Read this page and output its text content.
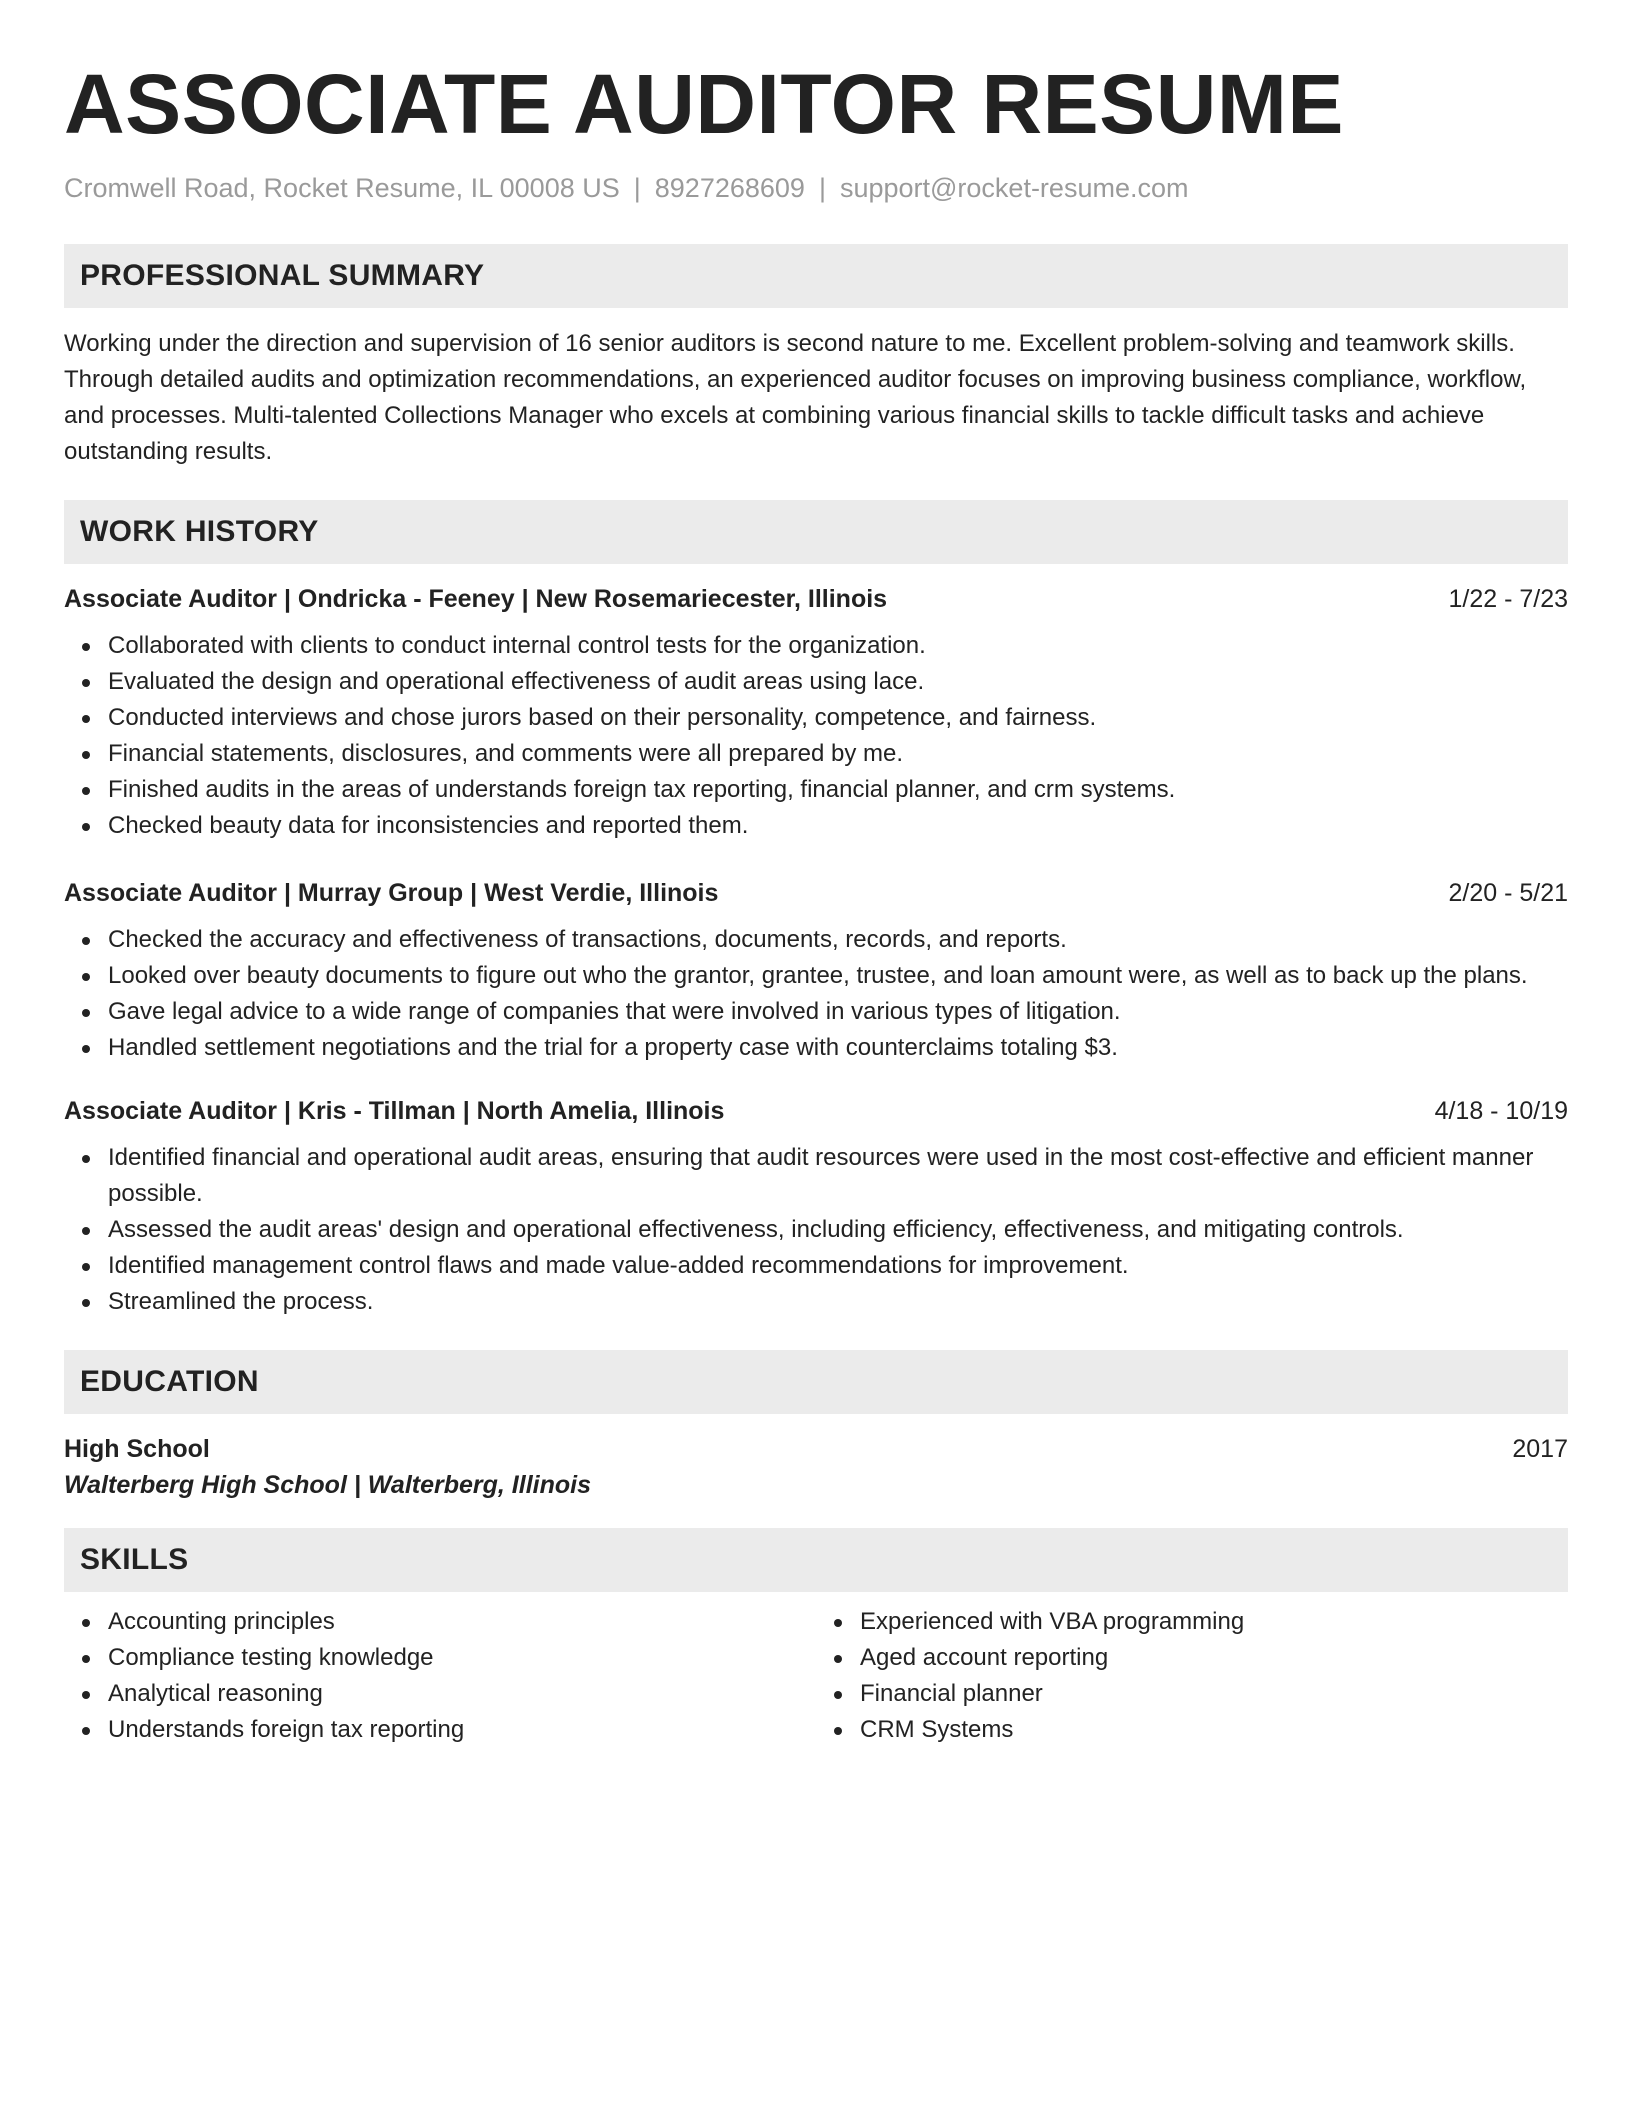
ASSOCIATE AUDITOR RESUME
Cromwell Road, Rocket Resume, IL 00008 US | 8927268609 | support@rocket-resume.com
PROFESSIONAL SUMMARY

Working under the direction and supervision of 16 senior auditors is second nature to me. Excellent problem-solving and teamwork skills. Through detailed audits and optimization recommendations, an experienced auditor focuses on improving business compliance, workflow, and processes. Multi-talented Collections Manager who excels at combining various financial skills to tackle difficult tasks and achieve outstanding results.

WORK HISTORY
Associate Auditor | Ondricka - Feeney | New Rosemariecester, Illinois	1/22 - 7/23
Collaborated with clients to conduct internal control tests for the organization.
Evaluated the design and operational effectiveness of audit areas using lace.
Conducted interviews and chose jurors based on their personality, competence, and fairness.
Financial statements, disclosures, and comments were all prepared by me.
Finished audits in the areas of understands foreign tax reporting, financial planner, and crm systems.
Checked beauty data for inconsistencies and reported them.
Associate Auditor | Murray Group | West Verdie, Illinois	2/20 - 5/21
Checked the accuracy and effectiveness of transactions, documents, records, and reports.
Looked over beauty documents to figure out who the grantor, grantee, trustee, and loan amount were, as well as to back up the plans.
Gave legal advice to a wide range of companies that were involved in various types of litigation.
Handled settlement negotiations and the trial for a property case with counterclaims totaling $3.
Associate Auditor | Kris - Tillman | North Amelia, Illinois	4/18 - 10/19
Identified financial and operational audit areas, ensuring that audit resources were used in the most cost-effective and efficient manner possible.
Assessed the audit areas' design and operational effectiveness, including efficiency, effectiveness, and mitigating controls.
Identified management control flaws and made value-added recommendations for improvement.
Streamlined the process.
EDUCATION
High School	2017
Walterberg High School | Walterberg, Illinois
SKILLS
Accounting principles
Compliance testing knowledge
Analytical reasoning
Understands foreign tax reporting
Experienced with VBA programming
Aged account reporting
Financial planner
CRM Systems
